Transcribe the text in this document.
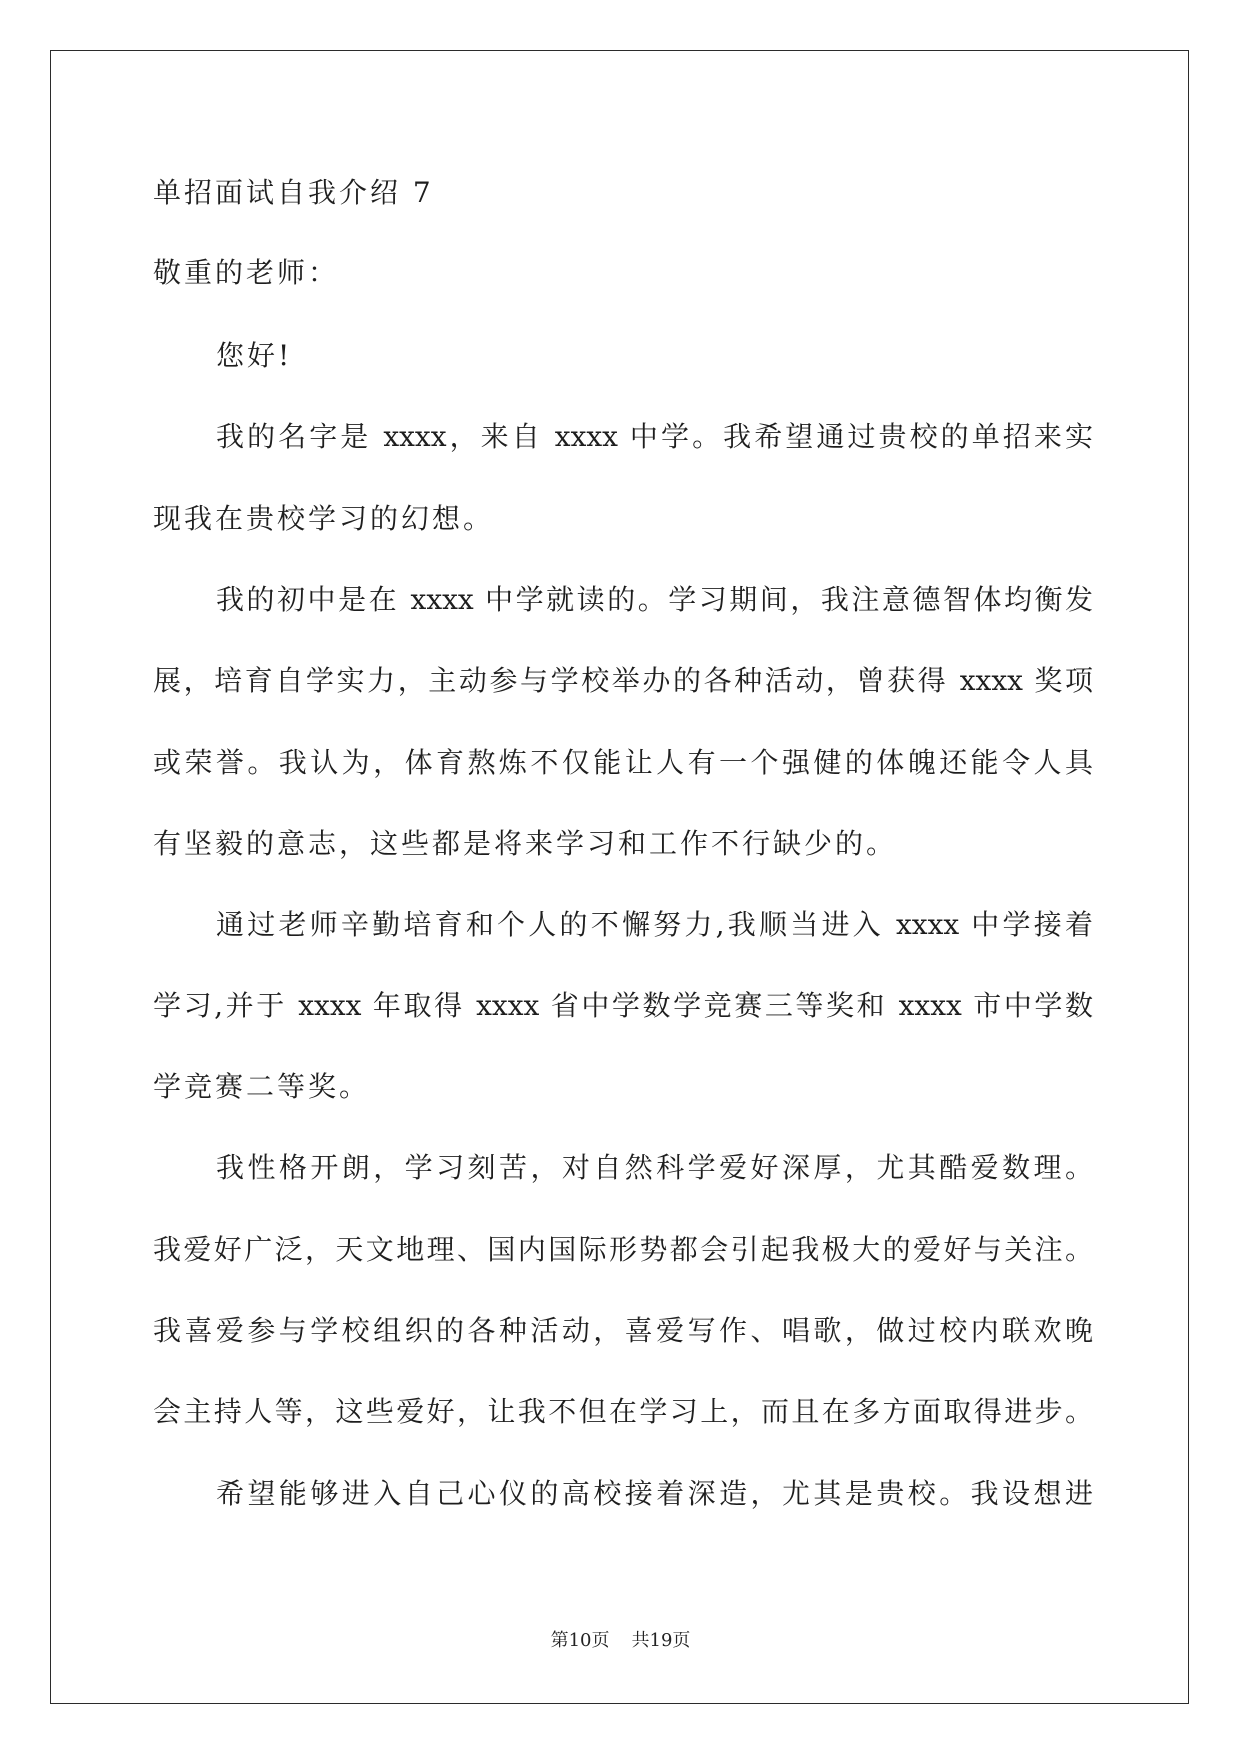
单招面试自我介绍 7
敬重的老师：
您好!
我的名字是 xxxx，来自 xxxx 中学。我希望通过贵校的单招来实
现我在贵校学习的幻想。
我的初中是在 xxxx 中学就读的。学习期间，我注意德智体均衡发
展，培育自学实力，主动参与学校举办的各种活动，曾获得 xxxx 奖项
或荣誉。我认为，体育熬炼不仅能让人有一个强健的体魄还能令人具
有坚毅的意志，这些都是将来学习和工作不行缺少的。
通过老师辛勤培育和个人的不懈努力,我顺当进入 xxxx 中学接着
学习,并于 xxxx 年取得 xxxx 省中学数学竞赛三等奖和 xxxx 市中学数
学竞赛二等奖。
我性格开朗，学习刻苦，对自然科学爱好深厚，尤其酷爱数理。
我爱好广泛，天文地理、国内国际形势都会引起我极大的爱好与关注。
我喜爱参与学校组织的各种活动，喜爱写作、唱歌，做过校内联欢晚
会主持人等，这些爱好，让我不但在学习上，而且在多方面取得进步。
希望能够进入自己心仪的高校接着深造，尤其是贵校。我设想进
第10页 共19页
